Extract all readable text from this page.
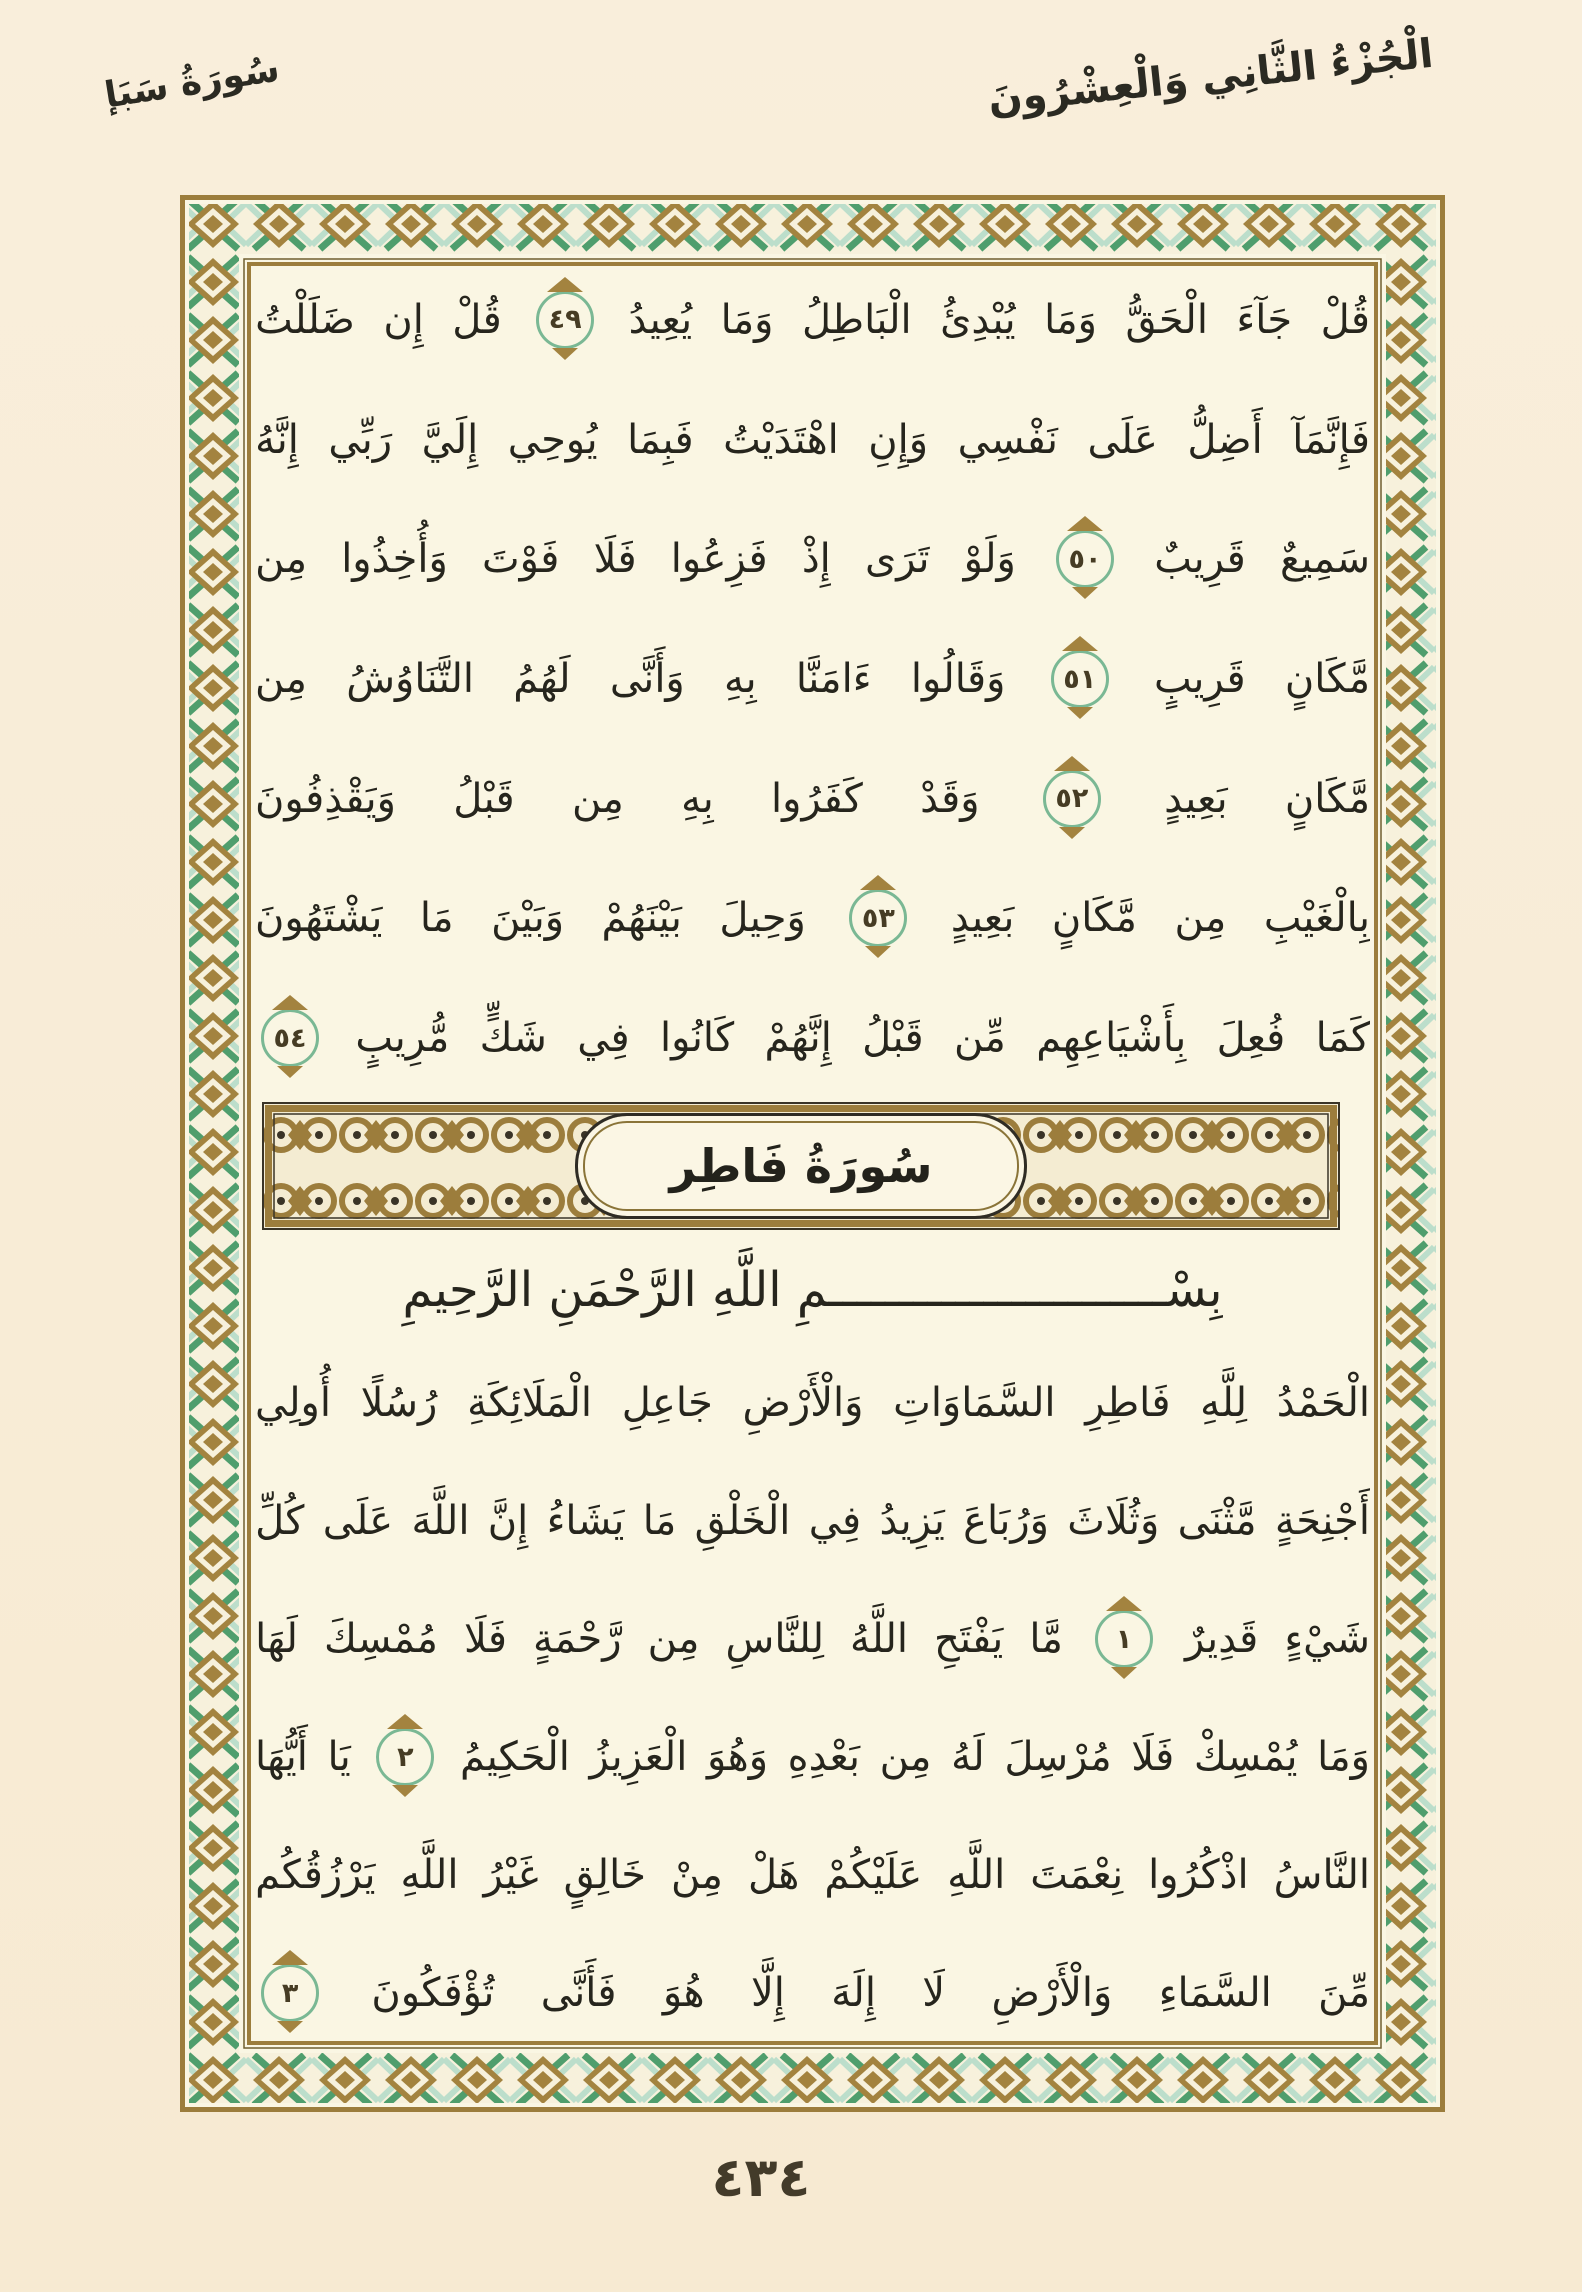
سُورَةُ سَبَإ	الْجُزْءُ الثَّانِي وَالْعِشْرُونَ
قُلْ
جَآءَ
الْحَقُّ
وَمَا
يُبْدِئُ
الْبَاطِلُ
وَمَا
يُعِيدُ
٤٩
قُلْ
إِن
ضَلَلْتُ
فَإِنَّمَآ
أَضِلُّ
عَلَى
نَفْسِي
وَإِنِ
اهْتَدَيْتُ
فَبِمَا
يُوحِي
إِلَيَّ
رَبِّي
إِنَّهُ
سَمِيعٌ
قَرِيبٌ
٥٠
وَلَوْ
تَرَى
إِذْ
فَزِعُوا
فَلَا
فَوْتَ
وَأُخِذُوا
مِن
مَّكَانٍ
قَرِيبٍ
٥١
وَقَالُوا
ءَامَنَّا
بِهِ
وَأَنَّى
لَهُمُ
التَّنَاوُشُ
مِن
مَّكَانٍ
بَعِيدٍ
٥٢
وَقَدْ
كَفَرُوا
بِهِ
مِن
قَبْلُ
وَيَقْذِفُونَ
بِالْغَيْبِ
مِن
مَّكَانٍ
بَعِيدٍ
٥٣
وَحِيلَ
بَيْنَهُمْ
وَبَيْنَ
مَا
يَشْتَهُونَ
كَمَا
فُعِلَ
بِأَشْيَاعِهِم
مِّن
قَبْلُ
إِنَّهُمْ
كَانُوا
فِي
شَكٍّ
مُّرِيبٍ
٥٤
سُورَةُ فَاطِر
بِسْــــــــــــــــــــــــمِ اللَّهِ الرَّحْمَنِ الرَّحِيمِ
الْحَمْدُ
لِلَّهِ
فَاطِرِ
السَّمَاوَاتِ
وَالْأَرْضِ
جَاعِلِ
الْمَلَائِكَةِ
رُسُلًا
أُولِي
أَجْنِحَةٍ
مَّثْنَى
وَثُلَاثَ
وَرُبَاعَ
يَزِيدُ
فِي
الْخَلْقِ
مَا
يَشَاءُ
إِنَّ
اللَّهَ
عَلَى
كُلِّ
شَيْءٍ
قَدِيرٌ
١
مَّا
يَفْتَحِ
اللَّهُ
لِلنَّاسِ
مِن
رَّحْمَةٍ
فَلَا
مُمْسِكَ
لَهَا
وَمَا
يُمْسِكْ
فَلَا
مُرْسِلَ
لَهُ
مِن
بَعْدِهِ
وَهُوَ
الْعَزِيزُ
الْحَكِيمُ
٢
يَا
أَيُّهَا
النَّاسُ
اذْكُرُوا
نِعْمَتَ
اللَّهِ
عَلَيْكُمْ
هَلْ
مِنْ
خَالِقٍ
غَيْرُ
اللَّهِ
يَرْزُقُكُم
مِّنَ
السَّمَاءِ
وَالْأَرْضِ
لَا
إِلَهَ
إِلَّا
هُوَ
فَأَنَّى
تُؤْفَكُونَ
٣
٤٣٤
